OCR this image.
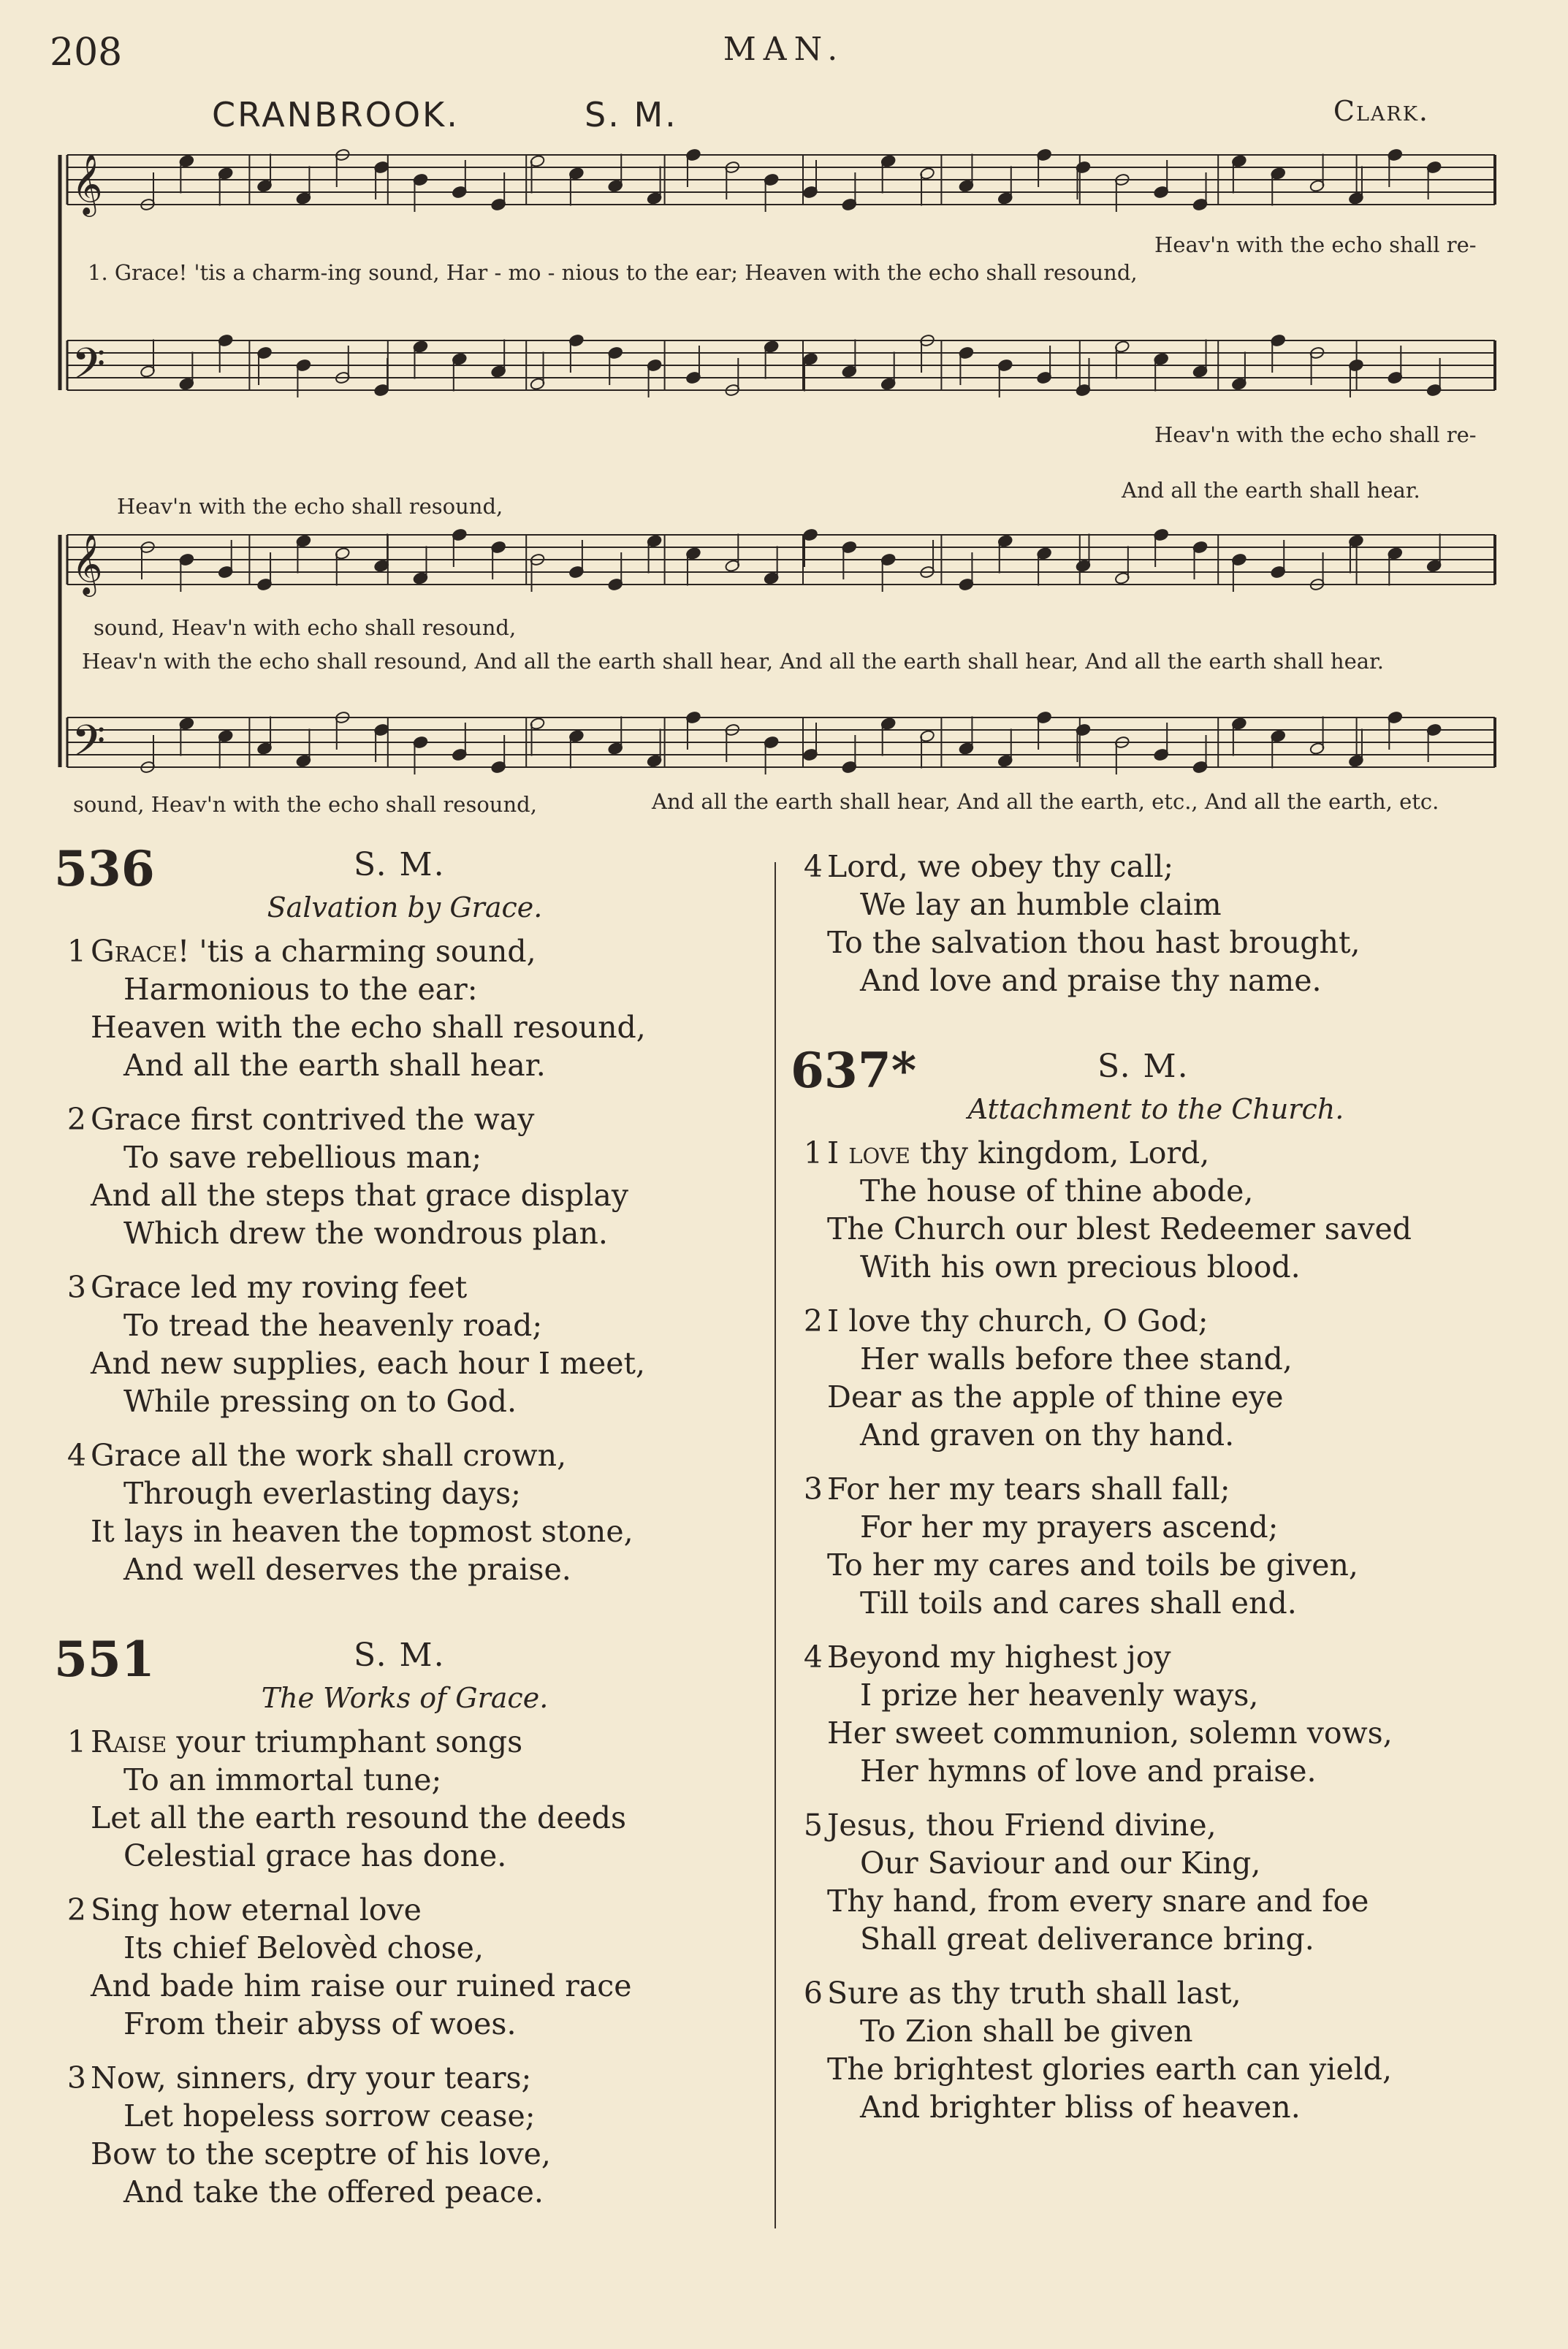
208	MAN.
CRANBROOK.	S. M.	Clark.
𝄞
𝄢
𝄞
𝄢
Heav'n with the echo shall re-
1. Grace! 'tis a charm-ing sound, Har - mo - nious to the ear; Heaven with the echo shall resound,
Heav'n with the echo shall re-
Heav'n with the echo shall resound,
And all the earth shall hear.
sound, Heav'n with echo shall resound,
Heav'n with the echo shall resound, And all the earth shall hear, And all the earth shall hear, And all the earth shall hear.
sound, Heav'n with the echo shall resound,	And all the earth shall hear, And all the earth, etc., And all the earth, etc.
536	S. M.
Salvation by Grace.
1 Grace! 'tis a charming sound,
Harmonious to the ear:
Heaven with the echo shall resound,
And all the earth shall hear.
2 Grace first contrived the way
To save rebellious man;
And all the steps that grace display
Which drew the wondrous plan.
3 Grace led my roving feet
To tread the heavenly road;
And new supplies, each hour I meet,
While pressing on to God.
4 Grace all the work shall crown,
Through everlasting days;
It lays in heaven the topmost stone,
And well deserves the praise.
551	S. M.
The Works of Grace.
1 Raise your triumphant songs
To an immortal tune;
Let all the earth resound the deeds
Celestial grace has done.
2 Sing how eternal love
Its chief Belovèd chose,
And bade him raise our ruined race
From their abyss of woes.
3 Now, sinners, dry your tears;
Let hopeless sorrow cease;
Bow to the sceptre of his love,
And take the offered peace.
4 Lord, we obey thy call;
We lay an humble claim
To the salvation thou hast brought,
And love and praise thy name.
637*	S. M.
Attachment to the Church.
1 I love thy kingdom, Lord,
The house of thine abode,
The Church our blest Redeemer saved
With his own precious blood.
2 I love thy church, O God;
Her walls before thee stand,
Dear as the apple of thine eye
And graven on thy hand.
3 For her my tears shall fall;
For her my prayers ascend;
To her my cares and toils be given,
Till toils and cares shall end.
4 Beyond my highest joy
I prize her heavenly ways,
Her sweet communion, solemn vows,
Her hymns of love and praise.
5 Jesus, thou Friend divine,
Our Saviour and our King,
Thy hand, from every snare and foe
Shall great deliverance bring.
6 Sure as thy truth shall last,
To Zion shall be given
The brightest glories earth can yield,
And brighter bliss of heaven.
